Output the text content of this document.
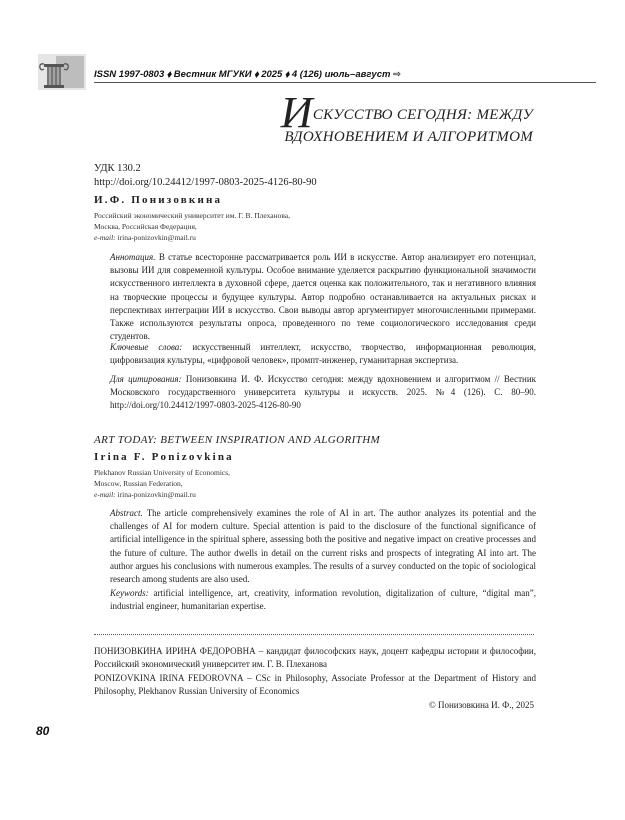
ISSN 1997-0803 ⬧ Вестник МГУКИ ⬧ 2025 ⬧ 4 (126) июль–август ⇨
ИСКУССТВО СЕГОДНЯ: МЕЖДУ
ВДОХНОВЕНИЕМ И АЛГОРИТМОМ
УДК 130.2
http://doi.org/10.24412/1997-0803-2025-4126-80-90
И.Ф. Понизовкина
Российский экономический университет им. Г. В. Плеханова,
Москва, Российская Федерация,
e-mail: irina-ponizovkin@mail.ru
Аннотация. В статье всесторонне рассматривается роль ИИ в искусстве. Автор анализирует его потенциал, вызовы ИИ для современной культуры. Особое внимание уделяется раскрытию функциональной значимости искусственного интеллекта в духовной сфере, дается оценка как положительного, так и негативного влияния на творческие процессы и будущее культуры. Автор подробно останавливается на актуальных рисках и перспективах интеграции ИИ в искусство. Свои выводы автор аргументирует многочисленными примерами. Также используются результаты опроса, проведенного по теме социологического исследования среди студентов.
Ключевые слова: искусственный интеллект, искусство, творчество, информационная революция, цифровизация культуры, «цифровой человек», промпт-инженер, гуманитарная экспертиза.
Для цитирования: Понизовкина И. Ф. Искусство сегодня: между вдохновением и алгоритмом // Вестник Московского государственного университета культуры и искусств. 2025. №4 (126). С. 80–90. http://doi.org/10.24412/1997-0803-2025-4126-80-90
ART TODAY: BETWEEN INSPIRATION AND ALGORITHM
Irina F. Ponizovkina
Plekhanov Russian University of Economics,
Moscow, Russian Federation,
e-mail: irina-ponizovkin@mail.ru
Abstract. The article comprehensively examines the role of AI in art. The author analyzes its potential and the challenges of AI for modern culture. Special attention is paid to the disclosure of the functional significance of artificial intelligence in the spiritual sphere, assessing both the positive and negative impact on creative processes and the future of culture. The author dwells in detail on the current risks and prospects of integrating AI into art. The author argues his conclusions with numerous examples. The results of a survey conducted on the topic of sociological research among students are also used.
Keywords: artificial intelligence, art, creativity, information revolution, digitalization of culture, “digital man”, industrial engineer, humanitarian expertise.
ПОНИЗОВКИНА ИРИНА ФЕДОРОВНА – кандидат философских наук, доцент кафедры истории и философии, Российский экономический университет им. Г. В. Плеханова
PONIZOVKINA IRINA FEDOROVNA – CSc in Philosophy, Associate Professor at the Department of History and Philosophy, Plekhanov Russian University of Economics
© Понизовкина И. Ф., 2025
80
